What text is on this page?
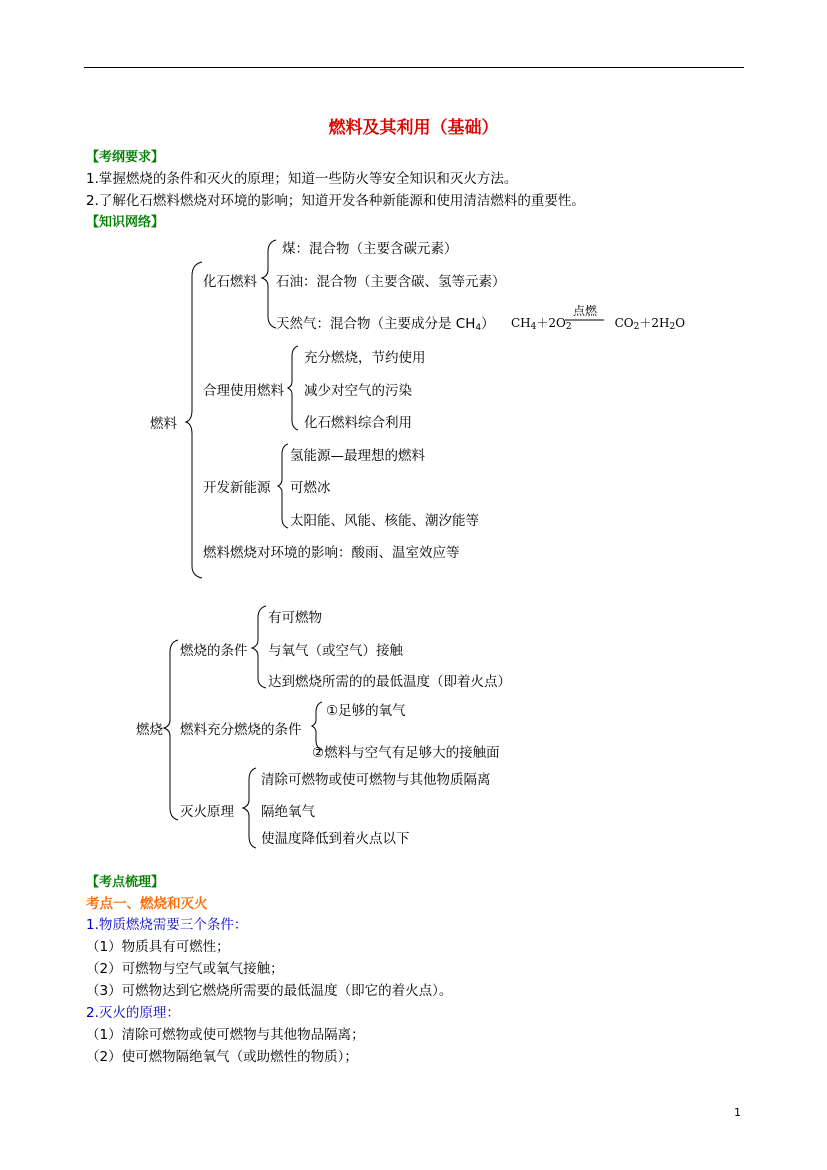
燃料及其利用（基础）
【考纲要求】
1.掌握燃烧的条件和灭火的原理；知道一些防火等安全知识和灭火方法。
2.了解化石燃料燃烧对环境的影响；知道开发各种新能源和使用清洁燃料的重要性。
【知识网络】
燃料
化石燃料
煤：混合物（主要含碳元素）
石油：混合物（主要含碳、氢等元素）
天然气：混合物（主要成分是 $CH_4$） $CH_4+2O_2$	$CO_2+2H_2O$
点燃
合理使用燃料
充分燃烧，节约使用
减少对空气的污染
化石燃料综合利用
开发新能源
氢能源—最理想的燃料
可燃冰
太阳能、风能、核能、潮汐能等
燃料燃烧对环境的影响：酸雨、温室效应等
燃烧
燃烧的条件
有可燃物
与氧气（或空气）接触
达到燃烧所需的的最低温度（即着火点）
燃料充分燃烧的条件
①足够的氧气
②燃料与空气有足够大的接触面
灭火原理
清除可燃物或使可燃物与其他物质隔离
隔绝氧气
使温度降低到着火点以下
【考点梳理】
考点一、燃烧和灭火
1.物质燃烧需要三个条件：
（1）物质具有可燃性；
（2）可燃物与空气或氧气接触；
（3）可燃物达到它燃烧所需要的最低温度（即它的着火点）。
2.灭火的原理：
（1）清除可燃物或使可燃物与其他物品隔离；
（2）使可燃物隔绝氧气（或助燃性的物质）；
1
